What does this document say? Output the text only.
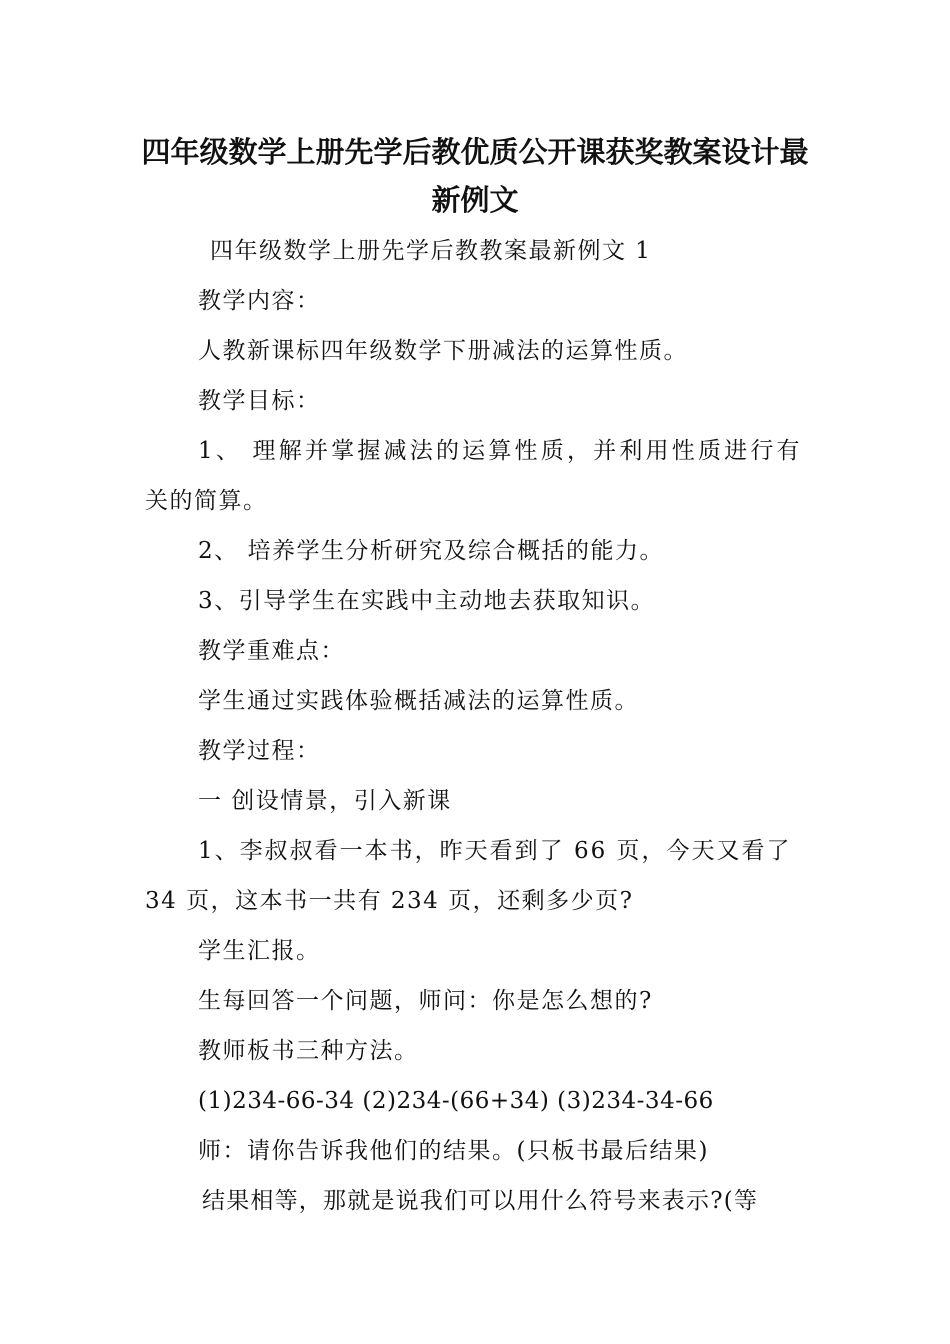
四年级数学上册先学后教优质公开课获奖教案设计最
新例文
四年级数学上册先学后教教案最新例文 1
教学内容：
人教新课标四年级数学下册减法的运算性质。
教学目标：
1、 理解并掌握减法的运算性质，并利用性质进行有
关的简算。
2、 培养学生分析研究及综合概括的能力。
3、引导学生在实践中主动地去获取知识。
教学重难点：
学生通过实践体验概括减法的运算性质。
教学过程：
一 创设情景，引入新课
1、李叔叔看一本书，昨天看到了 66 页，今天又看了
34 页，这本书一共有 234 页，还剩多少页?
学生汇报。
生每回答一个问题，师问：你是怎么想的?
教师板书三种方法。
(1)234-66-34 (2)234-(66+34) (3)234-34-66
师：请你告诉我他们的结果。(只板书最后结果)
结果相等，那就是说我们可以用什么符号来表示?(等
